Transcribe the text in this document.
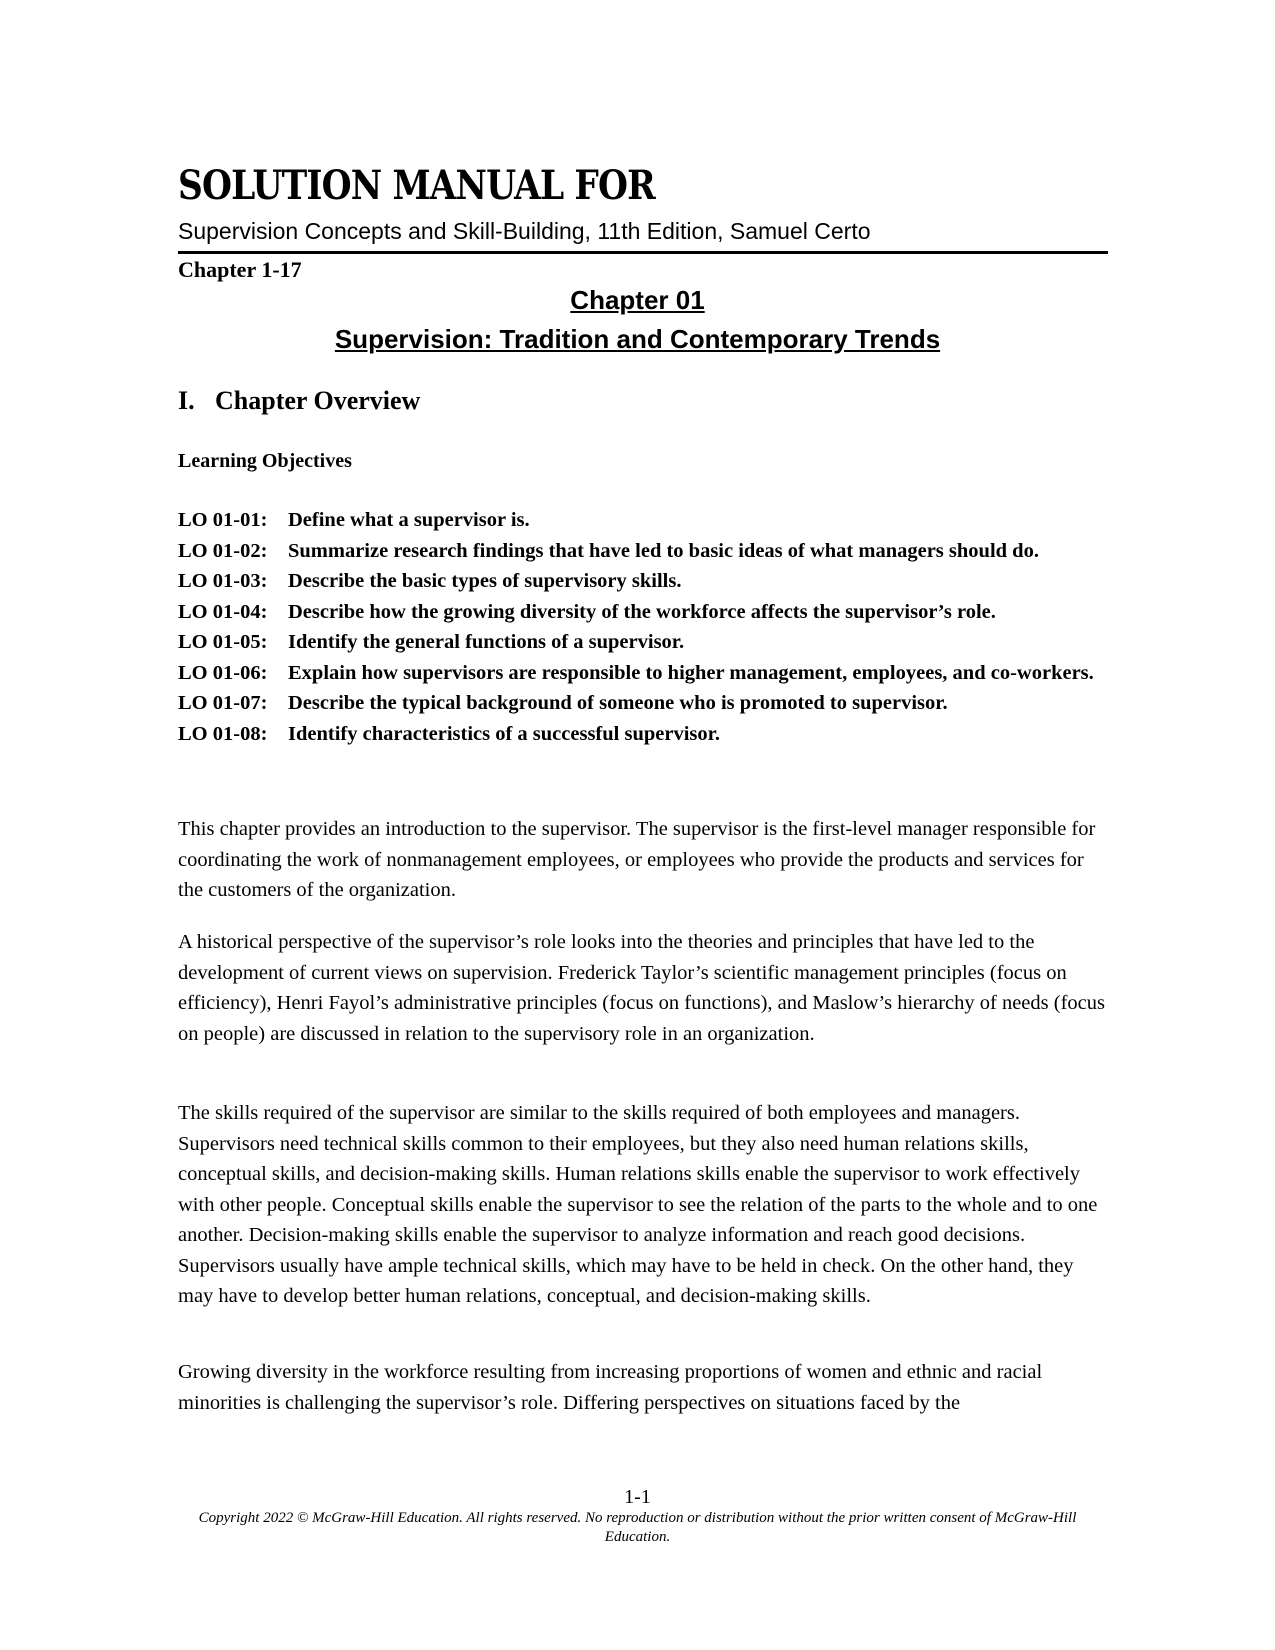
SOLUTION MANUAL FOR
Supervision Concepts and Skill-Building, 11th Edition, Samuel Certo
Chapter 1-17
Chapter 01
Supervision: Tradition and Contemporary Trends
I. Chapter Overview
Learning Objectives
LO 01-01:	Define what a supervisor is.
LO 01-02:	Summarize research findings that have led to basic ideas of what managers should do.
LO 01-03:	Describe the basic types of supervisory skills.
LO 01-04:	Describe how the growing diversity of the workforce affects the supervisor’s role.
LO 01-05:	Identify the general functions of a supervisor.
LO 01-06:	Explain how supervisors are responsible to higher management, employees, and co-workers.
LO 01-07:	Describe the typical background of someone who is promoted to supervisor.
LO 01-08:	Identify characteristics of a successful supervisor.

This chapter provides an introduction to the supervisor. The supervisor is the first-level manager responsible for coordinating the work of nonmanagement employees, or employees who provide the products and services for the customers of the organization.

A historical perspective of the supervisor’s role looks into the theories and principles that have led to the development of current views on supervision. Frederick Taylor’s scientific management principles (focus on efficiency), Henri Fayol’s administrative principles (focus on functions), and Maslow’s hierarchy of needs (focus on people) are discussed in relation to the supervisory role in an organization.

The skills required of the supervisor are similar to the skills required of both employees and managers. Supervisors need technical skills common to their employees, but they also need human relations skills, conceptual skills, and decision-making skills. Human relations skills enable the supervisor to work effectively with other people. Conceptual skills enable the supervisor to see the relation of the parts to the whole and to one another. Decision-making skills enable the supervisor to analyze information and reach good decisions. Supervisors usually have ample technical skills, which may have to be held in check. On the other hand, they may have to develop better human relations, conceptual, and decision-making skills.

Growing diversity in the workforce resulting from increasing proportions of women and ethnic and racial minorities is challenging the supervisor’s role. Differing perspectives on situations faced by the

1-1
Copyright 2022 © McGraw-Hill Education. All rights reserved. No reproduction or distribution without the prior written consent of McGraw-Hill Education.
